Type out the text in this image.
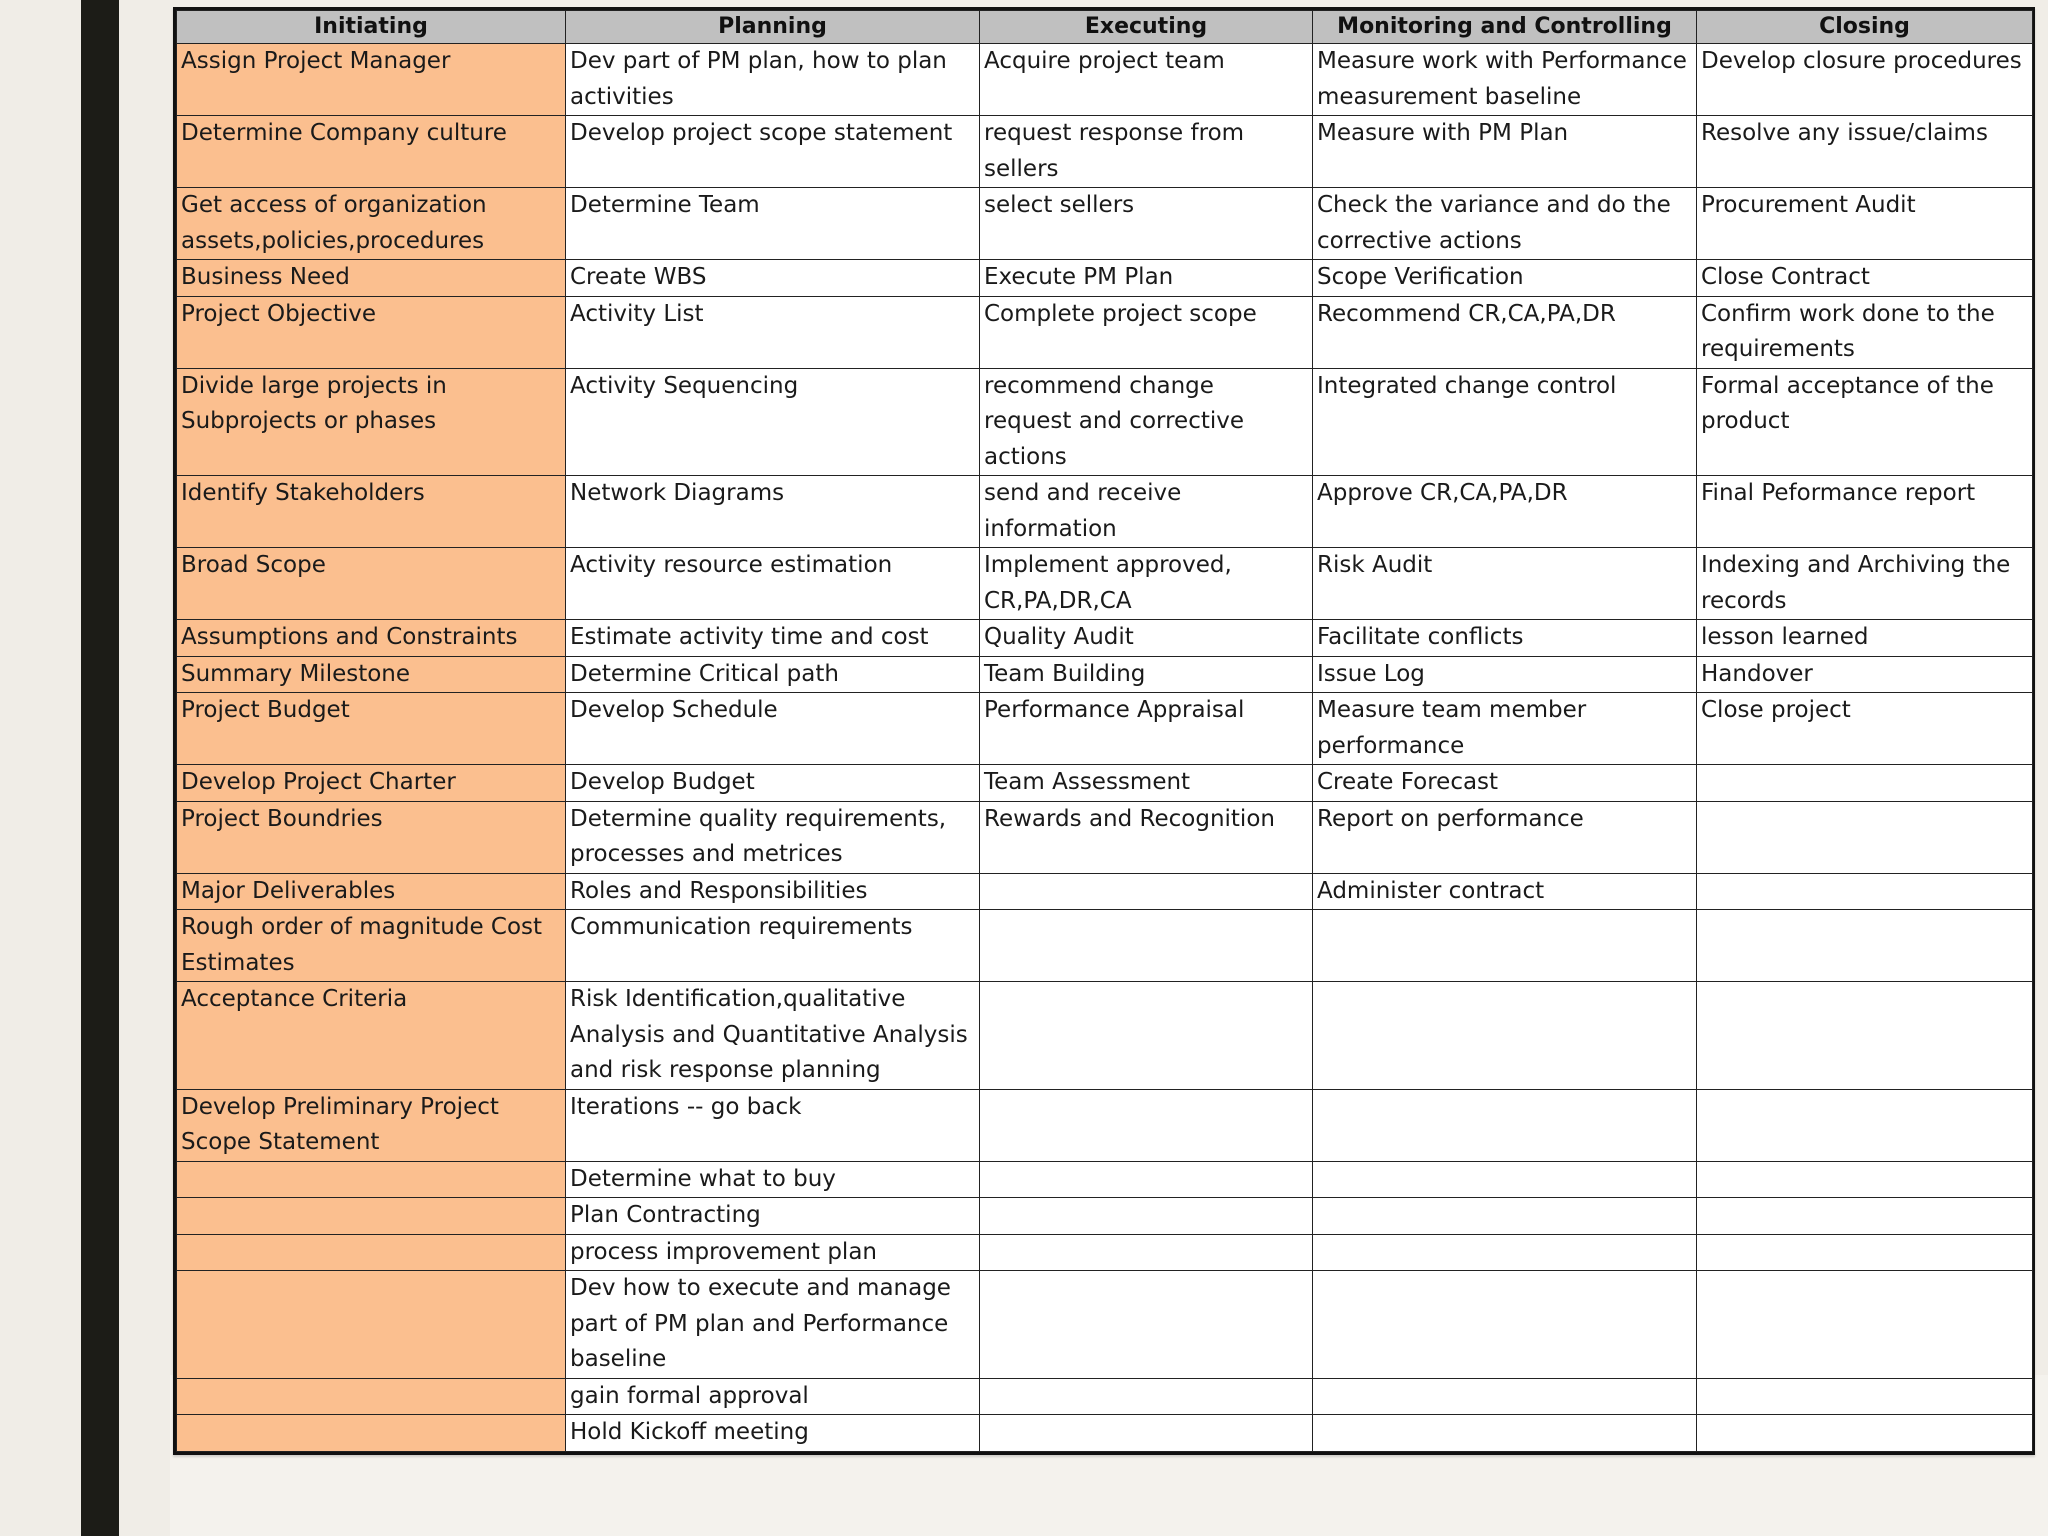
Initiating	Planning	Executing	Monitoring and Controlling	Closing
Assign Project Manager	Dev part of PM plan, how to plan activities	Acquire project team	Measure work with Performance measurement baseline	Develop closure procedures
Determine Company culture	Develop project scope statement	request response from sellers	Measure with PM Plan	Resolve any issue/claims
Get access of organization assets,policies,procedures	Determine Team	select sellers	Check the variance and do the corrective actions	Procurement Audit
Business Need	Create WBS	Execute PM Plan	Scope Verification	Close Contract
Project Objective	Activity List	Complete project scope	Recommend CR,CA,PA,DR	Confirm work done to the requirements
Divide large projects in Subprojects or phases	Activity Sequencing	recommend change request and corrective actions	Integrated change control	Formal acceptance of the product
Identify Stakeholders	Network Diagrams	send and receive information	Approve CR,CA,PA,DR	Final Peformance report
Broad Scope	Activity resource estimation	Implement approved, CR,PA,DR,CA	Risk Audit	Indexing and Archiving the records
Assumptions and Constraints	Estimate activity time and cost	Quality Audit	Facilitate conflicts	lesson learned
Summary Milestone	Determine Critical path	Team Building	Issue Log	Handover
Project Budget	Develop Schedule	Performance Appraisal	Measure team member performance	Close project
Develop Project Charter	Develop Budget	Team Assessment	Create Forecast	
Project Boundries	Determine quality requirements, processes and metrices	Rewards and Recognition	Report on performance	
Major Deliverables	Roles and Responsibilities		Administer contract	
Rough order of magnitude Cost Estimates	Communication requirements			
Acceptance Criteria	Risk Identification,qualitative Analysis and Quantitative Analysis and risk response planning			
Develop Preliminary Project Scope Statement	Iterations -- go back			
	Determine what to buy			
	Plan Contracting			
	process improvement plan			
	Dev how to execute and manage part of PM plan and Performance baseline			
	gain formal approval			
	Hold Kickoff meeting			
